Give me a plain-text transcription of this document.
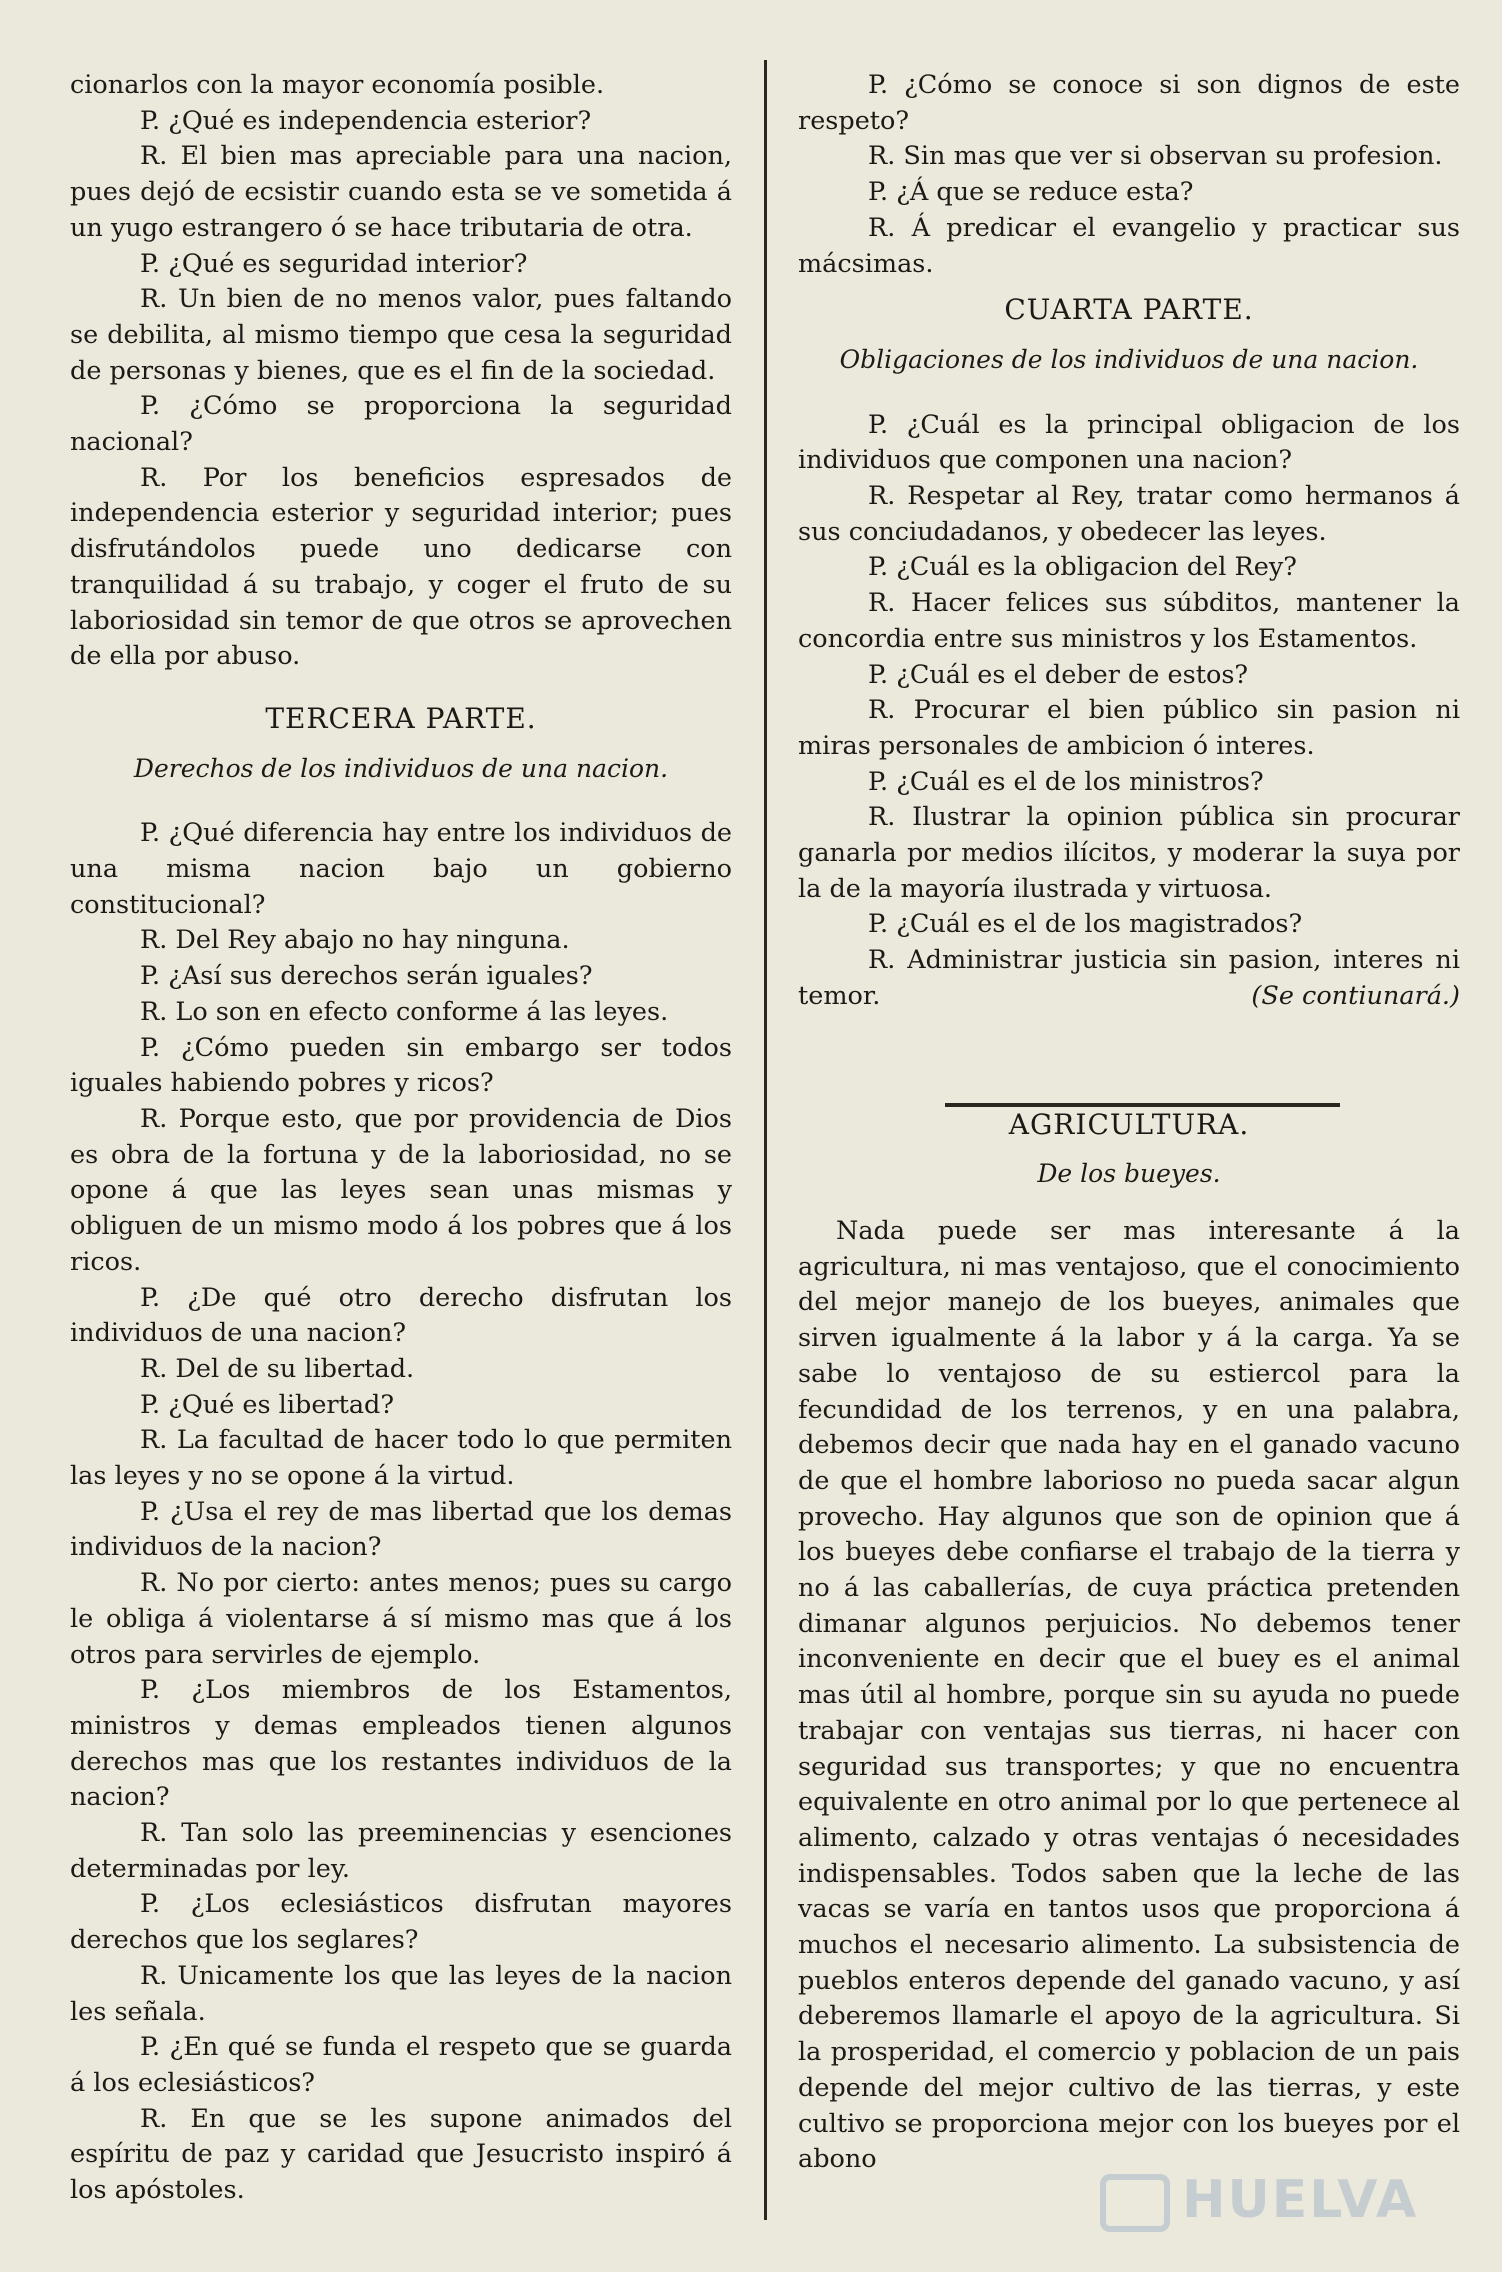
cionarlos con la mayor economía posible.

P. ¿Qué es independencia esterior?

R. El bien mas apreciable para una nacion, pues dejó de ecsistir cuando esta se ve sometida á un yugo estrangero ó se hace tributaria de otra.

P. ¿Qué es seguridad interior?

R. Un bien de no menos valor, pues faltando se debilita, al mismo tiempo que cesa la seguridad de personas y bienes, que es el fin de la sociedad.

P. ¿Cómo se proporciona la seguridad nacional?

R. Por los beneficios espresados de independencia esterior y seguridad interior; pues disfrutándolos puede uno dedicarse con tranquilidad á su trabajo, y coger el fruto de su laboriosidad sin temor de que otros se aprovechen de ella por abuso.

TERCERA PARTE.
Derechos de los individuos de una nacion.

P. ¿Qué diferencia hay entre los individuos de una misma nacion bajo un gobierno constitucional?

R. Del Rey abajo no hay ninguna.

P. ¿Así sus derechos serán iguales?

R. Lo son en efecto conforme á las leyes.

P. ¿Cómo pueden sin embargo ser todos iguales habiendo pobres y ricos?

R. Porque esto, que por providencia de Dios es obra de la fortuna y de la laboriosidad, no se opone á que las leyes sean unas mismas y obliguen de un mismo modo á los pobres que á los ricos.

P. ¿De qué otro derecho disfrutan los individuos de una nacion?

R. Del de su libertad.

P. ¿Qué es libertad?

R. La facultad de hacer todo lo que permiten las leyes y no se opone á la virtud.

P. ¿Usa el rey de mas libertad que los demas individuos de la nacion?

R. No por cierto: antes menos; pues su cargo le obliga á violentarse á sí mismo mas que á los otros para servirles de ejemplo.

P. ¿Los miembros de los Estamentos, ministros y demas empleados tienen algunos derechos mas que los restantes individuos de la nacion?

R. Tan solo las preeminencias y esenciones determinadas por ley.

P. ¿Los eclesiásticos disfrutan mayores derechos que los seglares?

R. Unicamente los que las leyes de la nacion les señala.

P. ¿En qué se funda el respeto que se guarda á los eclesiásticos?

R. En que se les supone animados del espíritu de paz y caridad que Jesucristo inspiró á los apóstoles.

P. ¿Cómo se conoce si son dignos de este respeto?

R. Sin mas que ver si observan su profesion.

P. ¿Á que se reduce esta?

R. Á predicar el evangelio y practicar sus mácsimas.

CUARTA PARTE.
Obligaciones de los individuos de una nacion.

P. ¿Cuál es la principal obligacion de los individuos que componen una nacion?

R. Respetar al Rey, tratar como hermanos á sus conciudadanos, y obedecer las leyes.

P. ¿Cuál es la obligacion del Rey?

R. Hacer felices sus súbditos, mantener la concordia entre sus ministros y los Estamentos.

P. ¿Cuál es el deber de estos?

R. Procurar el bien público sin pasion ni miras personales de ambicion ó interes.

P. ¿Cuál es el de los ministros?

R. Ilustrar la opinion pública sin procurar ganarla por medios ilícitos, y moderar la suya por la de la mayoría ilustrada y virtuosa.

P. ¿Cuál es el de los magistrados?

R. Administrar justicia sin pasion, interes ni temor.	(Se contiunará.)

AGRICULTURA.
De los bueyes.

Nada puede ser mas interesante á la agricultura, ni mas ventajoso, que el conocimiento del mejor manejo de los bueyes, animales que sirven igualmente á la labor y á la carga. Ya se sabe lo ventajoso de su estiercol para la fecundidad de los terrenos, y en una palabra, debemos decir que nada hay en el ganado vacuno de que el hombre laborioso no pueda sacar algun provecho. Hay algunos que son de opinion que á los bueyes debe confiarse el trabajo de la tierra y no á las caballerías, de cuya práctica pretenden dimanar algunos perjuicios. No debemos tener inconveniente en decir que el buey es el animal mas útil al hombre, porque sin su ayuda no puede trabajar con ventajas sus tierras, ni hacer con seguridad sus transportes; y que no encuentra equivalente en otro animal por lo que pertenece al alimento, calzado y otras ventajas ó necesidades indispensables. Todos saben que la leche de las vacas se varía en tantos usos que proporciona á muchos el necesario alimento. La subsistencia de pueblos enteros depende del ganado vacuno, y así deberemos llamarle el apoyo de la agricultura. Si la prosperidad, el comercio y poblacion de un pais depende del mejor cultivo de las tierras, y este cultivo se proporciona mejor con los bueyes por el abono

HUELVA
